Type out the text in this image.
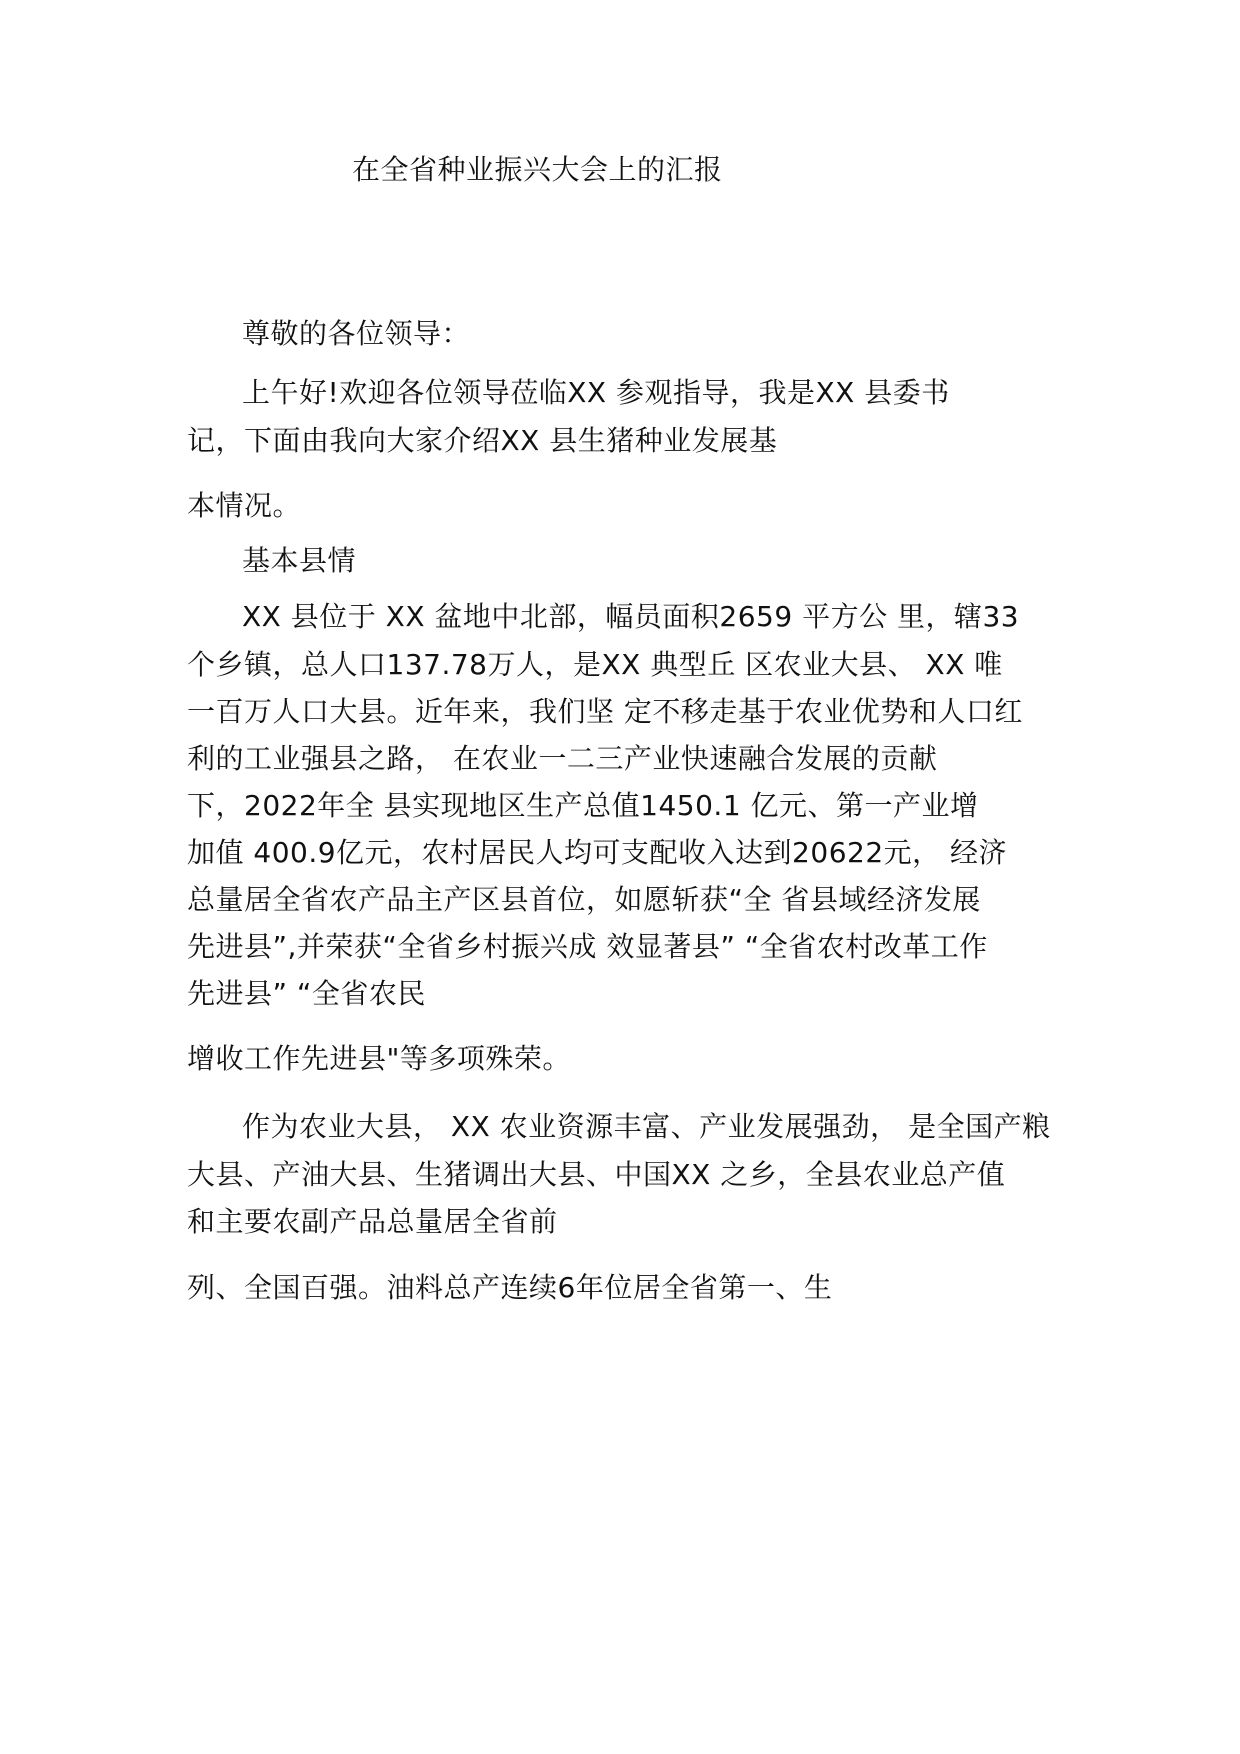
在全省种业振兴大会上的汇报

尊敬的各位领导：

上午好!欢迎各位领导莅临XX 参观指导，我是XX 县委书

记，下面由我向大家介绍XX 县生猪种业发展基

本情况。

基本县情

XX 县位于 XX 盆地中北部，幅员面积2659 平方公 里，辖33

个乡镇，总人口137.78万人，是XX 典型丘 区农业大县、 XX 唯

一百万人口大县。近年来，我们坚 定不移走基于农业优势和人口红

利的工业强县之路， 在农业一二三产业快速融合发展的贡献

下，2022年全 县实现地区生产总值1450.1 亿元、第一产业增

加值 400.9亿元，农村居民人均可支配收入达到20622元， 经济

总量居全省农产品主产区县首位，如愿斩获“全 省县域经济发展

先进县”,并荣获“全省乡村振兴成 效显著县” “全省农村改革工作

先进县” “全省农民

增收工作先进县"等多项殊荣。

作为农业大县， XX 农业资源丰富、产业发展强劲， 是全国产粮

大县、产油大县、生猪调出大县、中国XX 之乡，全县农业总产值

和主要农副产品总量居全省前

列、全国百强。油料总产连续6年位居全省第一、生
